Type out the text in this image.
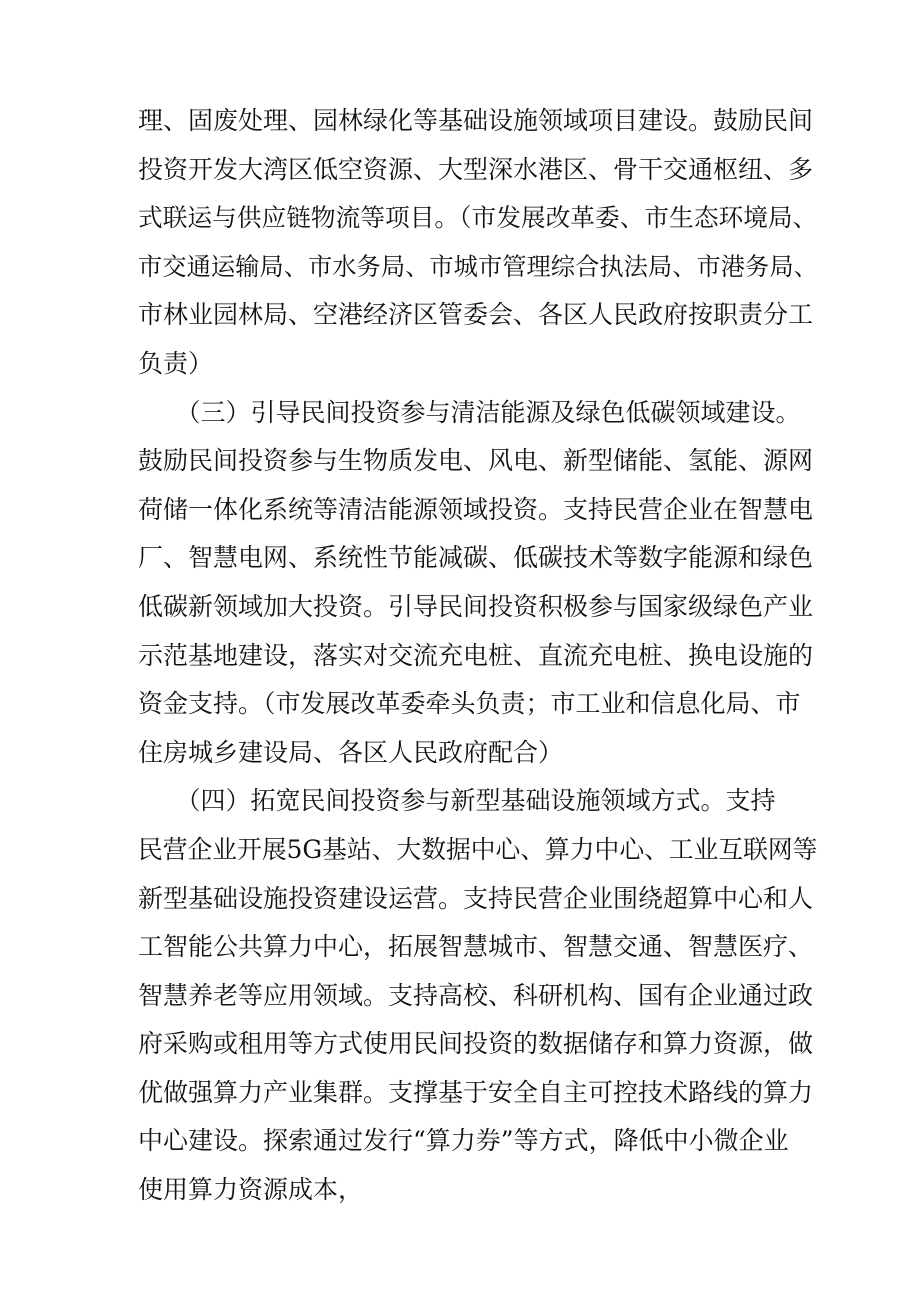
理、固废处理、园林绿化等基础设施领域项目建设。鼓励民间
投资开发大湾区低空资源、大型深水港区、骨干交通枢纽、多
式联运与供应链物流等项目。（市发展改革委、市生态环境局、
市交通运输局、市水务局、市城市管理综合执法局、市港务局、
市林业园林局、空港经济区管委会、各区人民政府按职责分工
负责）
　　（三）引导民间投资参与清洁能源及绿色低碳领域建设。
鼓励民间投资参与生物质发电、风电、新型储能、氢能、源网
荷储一体化系统等清洁能源领域投资。支持民营企业在智慧电
厂、智慧电网、系统性节能减碳、低碳技术等数字能源和绿色
低碳新领域加大投资。引导民间投资积极参与国家级绿色产业
示范基地建设，落实对交流充电桩、直流充电桩、换电设施的
资金支持。（市发展改革委牵头负责；市工业和信息化局、市
住房城乡建设局、各区人民政府配合）
　　（四）拓宽民间投资参与新型基础设施领域方式。支持
民营企业开展5G基站、大数据中心、算力中心、工业互联网等
新型基础设施投资建设运营。支持民营企业围绕超算中心和人
工智能公共算力中心，拓展智慧城市、智慧交通、智慧医疗、
智慧养老等应用领域。支持高校、科研机构、国有企业通过政
府采购或租用等方式使用民间投资的数据储存和算力资源，做
优做强算力产业集群。支撑基于安全自主可控技术路线的算力
中心建设。探索通过发行“算力券”等方式，降低中小微企业
使用算力资源成本，
